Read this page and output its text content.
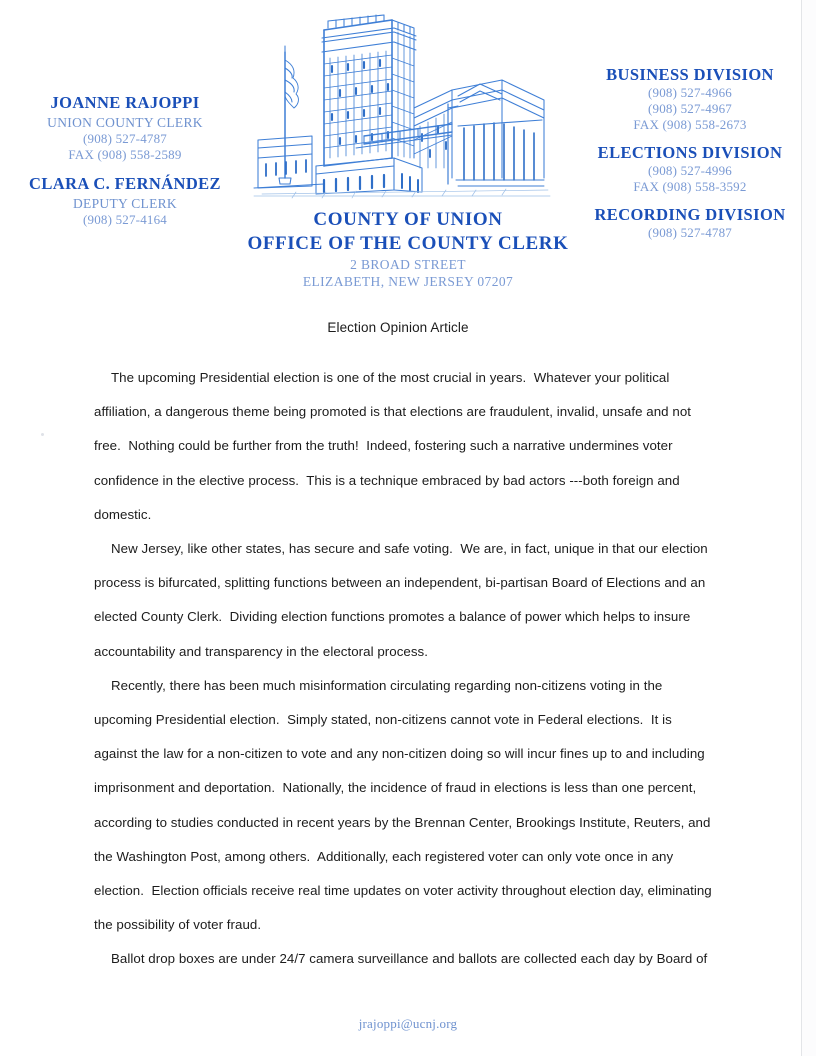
JOANNE RAJOPPI
UNION COUNTY CLERK
(908) 527-4787
FAX (908) 558-2589
CLARA C. FERNÁNDEZ
DEPUTY CLERK
(908) 527-4164
BUSINESS DIVISION
(908) 527-4966
(908) 527-4967
FAX (908) 558-2673
ELECTIONS DIVISION
(908) 527-4996
FAX (908) 558-3592
RECORDING DIVISION
(908) 527-4787
COUNTY OF UNION
OFFICE OF THE COUNTY CLERK
2 BROAD STREET
ELIZABETH, NEW JERSEY 07207
Election Opinion Article

The upcoming Presidential election is one of the most crucial in years.  Whatever your political affiliation, a dangerous theme being promoted is that elections are fraudulent, invalid, unsafe and not free.  Nothing could be further from the truth!  Indeed, fostering such a narrative undermines voter confidence in the elective process.  This is a technique embraced by bad actors ---both foreign and domestic.

New Jersey, like other states, has secure and safe voting.  We are, in fact, unique in that our election process is bifurcated, splitting functions between an independent, bi-partisan Board of Elections and an elected County Clerk.  Dividing election functions promotes a balance of power which helps to insure accountability and transparency in the electoral process.

Recently, there has been much misinformation circulating regarding non-citizens voting in the upcoming Presidential election.  Simply stated, non-citizens cannot vote in Federal elections.  It is against the law for a non-citizen to vote and any non-citizen doing so will incur fines up to and including imprisonment and deportation.  Nationally, the incidence of fraud in elections is less than one percent, according to studies conducted in recent years by the Brennan Center, Brookings Institute, Reuters, and the Washington Post, among others.  Additionally, each registered voter can only vote once in any election.  Election officials receive real time updates on voter activity throughout election day, eliminating the possibility of voter fraud.

Ballot drop boxes are under 24/7 camera surveillance and ballots are collected each day by Board of

jrajoppi@ucnj.org
